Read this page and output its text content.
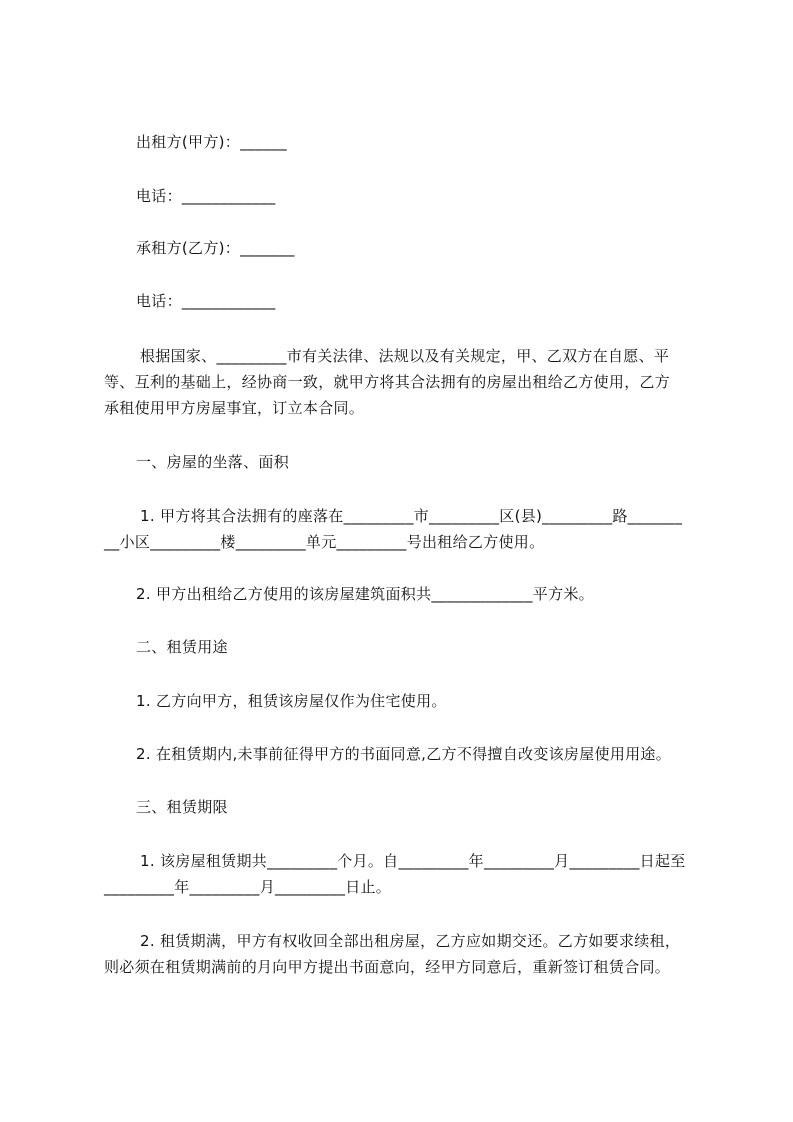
出租方(甲方)：______
电话：____________
承租方(乙方)：_______
电话：____________
根据国家、_________市有关法律、法规以及有关规定，甲、乙双方在自愿、平
等、互利的基础上，经协商一致，就甲方将其合法拥有的房屋出租给乙方使用，乙方
承租使用甲方房屋事宜，订立本合同。
一、房屋的坐落、面积
1. 甲方将其合法拥有的座落在_________市_________区(县)_________路_______
__小区_________楼_________单元_________号出租给乙方使用。
2. 甲方出租给乙方使用的该房屋建筑面积共_____________平方米。
二、租赁用途
1. 乙方向甲方，租赁该房屋仅作为住宅使用。
2. 在租赁期内,未事前征得甲方的书面同意,乙方不得擅自改变该房屋使用用途。
三、租赁期限
1. 该房屋租赁期共_________个月。自_________年_________月_________日起至
_________年_________月_________日止。
2. 租赁期满，甲方有权收回全部出租房屋，乙方应如期交还。乙方如要求续租，
则必须在租赁期满前的月向甲方提出书面意向，经甲方同意后，重新签订租赁合同。
